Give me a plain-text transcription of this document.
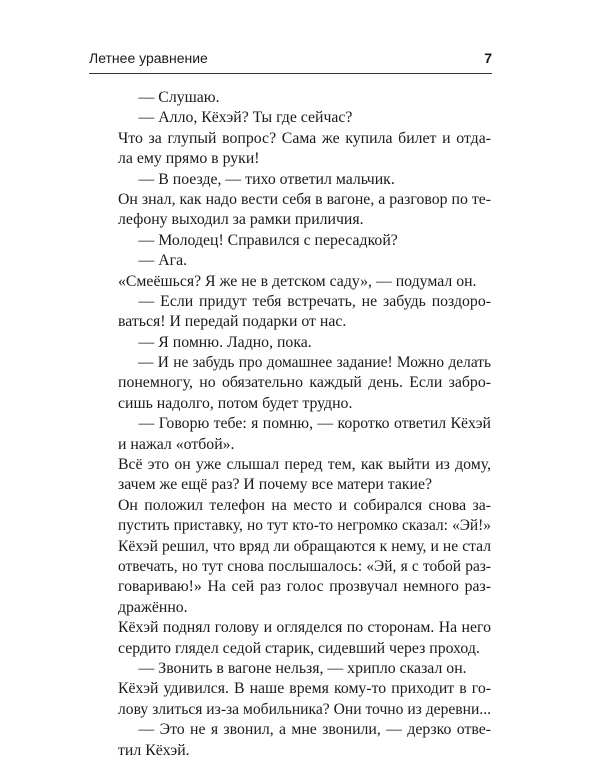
Летнее уравнение	7
— Слушаю.
— Алло, Кёхэй? Ты где сейчас?
Что за глупый вопрос? Сама же купила билет и отда-
ла ему прямо в руки!
— В поезде, — тихо ответил мальчик.
Он знал, как надо вести себя в вагоне, а разговор по те-
лефону выходил за рамки приличия.
— Молодец! Справился с пересадкой?
— Ага.
«Смеёшься? Я же не в детском саду», — подумал он.
— Если придут тебя встречать, не забудь поздоро-
ваться! И передай подарки от нас.
— Я помню. Ладно, пока.
— И не забудь про домашнее задание! Можно делать
понемногу, но обязательно каждый день. Если забро-
сишь надолго, потом будет трудно.
— Говорю тебе: я помню, — коротко ответил Кёхэй
и нажал «отбой».
Всё это он уже слышал перед тем, как выйти из дому,
зачем же ещё раз? И почему все матери такие?
Он положил телефон на место и собирался снова за-
пустить приставку, но тут кто-то негромко сказал: «Эй!»
Кёхэй решил, что вряд ли обращаются к нему, и не стал
отвечать, но тут снова послышалось: «Эй, я с тобой раз-
говариваю!» На сей раз голос прозвучал немного раз-
дражённо.
Кёхэй поднял голову и огляделся по сторонам. На него
сердито глядел седой старик, сидевший через проход.
— Звонить в вагоне нельзя, — хрипло сказал он.
Кёхэй удивился. В наше время кому-то приходит в го-
лову злиться из-за мобильника? Они точно из деревни...
— Это не я звонил, а мне звонили, — дерзко отве-
тил Кёхэй.
